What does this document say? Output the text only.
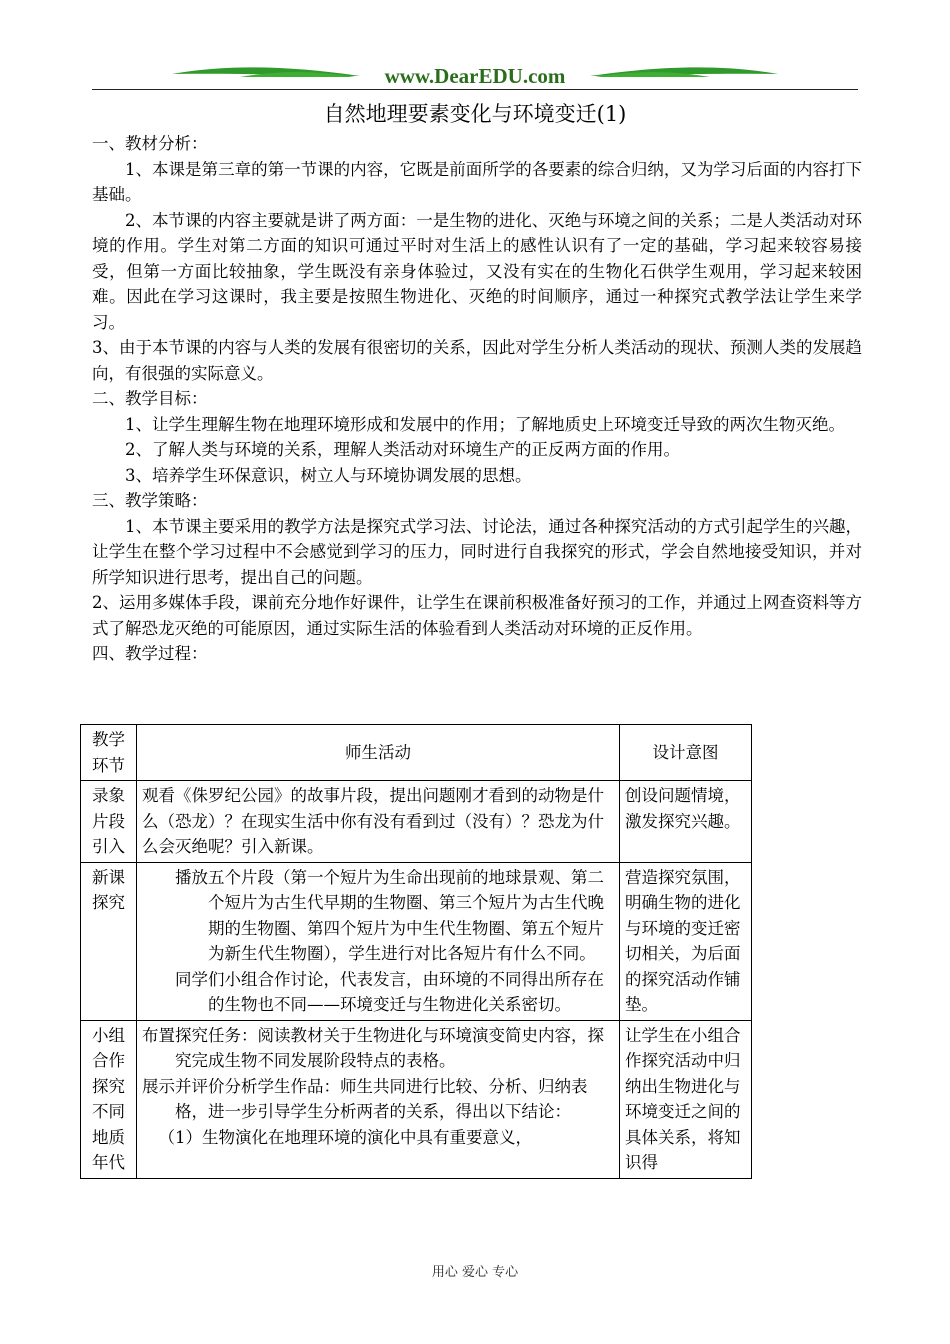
www.DearEDU.com
自然地理要素变化与环境变迁(1)

一、教材分析：

1、本课是第三章的第一节课的内容，它既是前面所学的各要素的综合归纳，又为学习后面的内容打下基础。

2、本节课的内容主要就是讲了两方面：一是生物的进化、灭绝与环境之间的关系；二是人类活动对环境的作用。学生对第二方面的知识可通过平时对生活上的感性认识有了一定的基础，学习起来较容易接受，但第一方面比较抽象，学生既没有亲身体验过，又没有实在的生物化石供学生观用，学习起来较困难。因此在学习这课时，我主要是按照生物进化、灭绝的时间顺序，通过一种探究式教学法让学生来学习。

3、由于本节课的内容与人类的发展有很密切的关系，因此对学生分析人类活动的现状、预测人类的发展趋向，有很强的实际意义。

二、教学目标：

1、让学生理解生物在地理环境形成和发展中的作用；了解地质史上环境变迁导致的两次生物灭绝。

2、了解人类与环境的关系，理解人类活动对环境生产的正反两方面的作用。

3、培养学生环保意识，树立人与环境协调发展的思想。

三、教学策略：

1、本节课主要采用的教学方法是探究式学习法、讨论法，通过各种探究活动的方式引起学生的兴趣，让学生在整个学习过程中不会感觉到学习的压力，同时进行自我探究的形式，学会自然地接受知识，并对所学知识进行思考，提出自己的问题。

2、运用多媒体手段，课前充分地作好课件，让学生在课前积极准备好预习的工作，并通过上网查资料等方式了解恐龙灭绝的可能原因，通过实际生活的体验看到人类活动对环境的正反作用。

四、教学过程：

教学环节	师生活动	设计意图
录象片段引入	观看《侏罗纪公园》的故事片段，提出问题刚才看到的动物是什么（恐龙）？在现实生活中你有没有看到过（没有）？恐龙为什么会灭绝呢？引入新课。	创设问题情境，激发探究兴趣。
新课探究	播放五个片段（第一个短片为生命出现前的地球景观、第二个短片为古生代早期的生物圈、第三个短片为古生代晚期的生物圈、第四个短片为中生代生物圈、第五个短片为新生代生物圈），学生进行对比各短片有什么不同。

同学们小组合作讨论，代表发言，由环境的不同得出所存在的生物也不同——环境变迁与生物进化关系密切。	营造探究氛围，明确生物的进化与环境的变迁密切相关，为后面的探究活动作铺垫。
小组合作探究不同地质年代	布置探究任务：阅读教材关于生物进化与环境演变简史内容，探究完成生物不同发展阶段特点的表格。

展示并评价分析学生作品：师生共同进行比较、分析、归纳表格，进一步引导学生分析两者的关系，得出以下结论：

（1）生物演化在地理环境的演化中具有重要意义，	让学生在小组合作探究活动中归纳出生物进化与环境变迁之间的具体关系，将知识得
用心 爱心 专心
